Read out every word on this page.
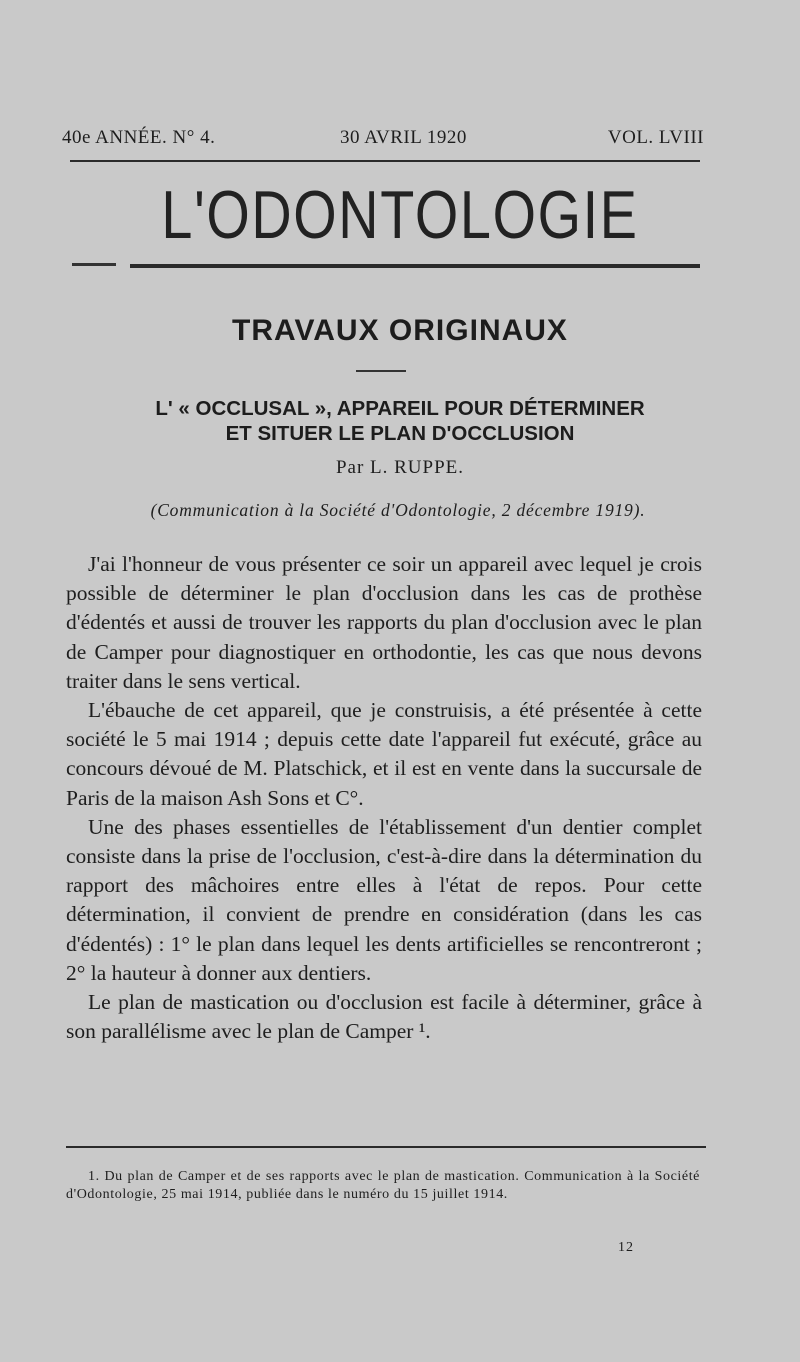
40e ANNÉE. N° 4.	30 AVRIL 1920	VOL. LVIII
L'ODONTOLOGIE
TRAVAUX ORIGINAUX
L' « OCCLUSAL », APPAREIL POUR DÉTERMINER
ET SITUER LE PLAN D'OCCLUSION
Par L. RUPPE.
(Communication à la Société d'Odontologie, 2 décembre 1919).

J'ai l'honneur de vous présenter ce soir un appareil avec lequel je crois possible de déterminer le plan d'occlusion dans les cas de prothèse d'édentés et aussi de trouver les rapports du plan d'occlusion avec le plan de Camper pour diagnostiquer en orthodontie, les cas que nous devons traiter dans le sens vertical.

L'ébauche de cet appareil, que je construisis, a été présentée à cette société le 5 mai 1914 ; depuis cette date l'appareil fut exécuté, grâce au concours dévoué de M. Platschick, et il est en vente dans la succursale de Paris de la maison Ash Sons et C°.

Une des phases essentielles de l'établissement d'un dentier complet consiste dans la prise de l'occlusion, c'est-à-dire dans la détermination du rapport des mâchoires entre elles à l'état de repos. Pour cette détermination, il convient de prendre en considération (dans les cas d'édentés) : 1° le plan dans lequel les dents artificielles se rencontreront ; 2° la hauteur à donner aux dentiers.

Le plan de mastication ou d'occlusion est facile à déterminer, grâce à son parallélisme avec le plan de Camper ¹.

1. Du plan de Camper et de ses rapports avec le plan de mastication. Communication à la Société d'Odontologie, 25 mai 1914, publiée dans le numéro du 15 juillet 1914.
12
